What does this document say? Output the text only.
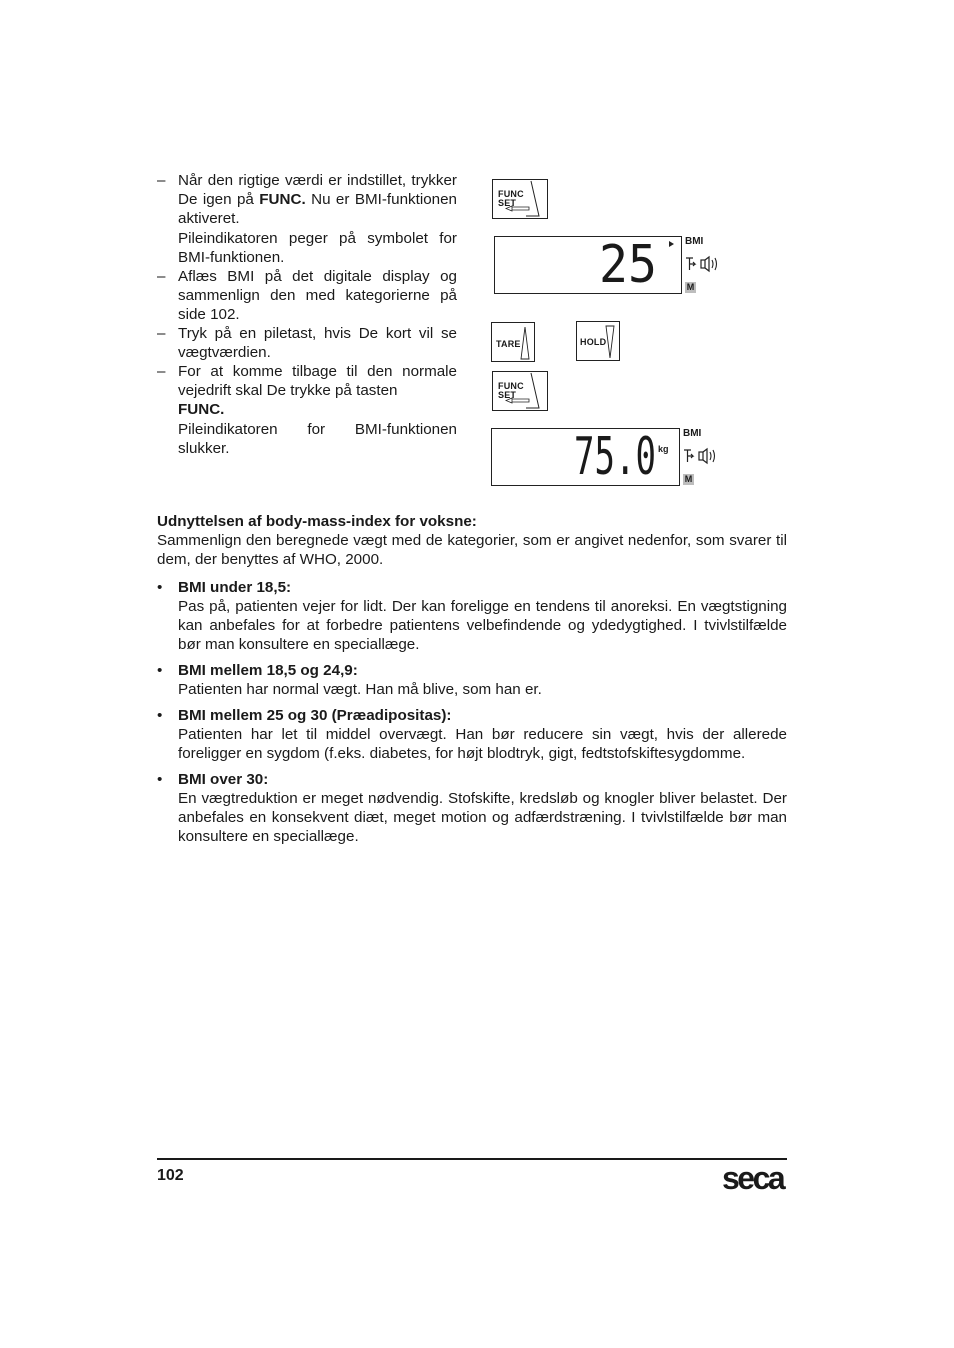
– Når den rigtige værdi er indstillet, trykker De igen på FUNC. Nu er BMI-funktionen aktiveret.

Pileindikatoren peger på symbolet for BMI-funktionen.

– Aflæs BMI på det digitale display og sammenlign den med kategorierne på side 102.

– Tryk på en piletast, hvis De kort vil se vægtværdien.

– For at komme tilbage til den normale vejedrift skal De trykke på tasten

FUNC.

Pileindikatoren for BMI-funktionen slukker.

FUNC
SET
25	BMI
M
TARE	HOLD
FUNC
SET
75.0 kg
BMI
M
Udnyttelsen af body-mass-index for voksne:

Sammenlign den beregnede vægt med de kategorier, som er angivet nedenfor, som svarer til dem, der benyttes af WHO, 2000.

• BMI under 18,5:
Pas på, patienten vejer for lidt. Der kan foreligge en tendens til anoreksi. En vægtstigning kan anbefales for at forbedre patientens velbefindende og ydedygtighed. I tvivlstilfælde bør man konsultere en speciallæge.
• BMI mellem 18,5 og 24,9:
Patienten har normal vægt. Han må blive, som han er.
• BMI mellem 25 og 30 (Præadipositas):
Patienten har let til middel overvægt. Han bør reducere sin vægt, hvis der allerede foreligger en sygdom (f.eks. diabetes, for højt blodtryk, gigt, fedtstofskiftesygdomme.
• BMI over 30:
En vægtreduktion er meget nødvendig. Stofskifte, kredsløb og knogler bliver belastet. Der anbefales en konsekvent diæt, meget motion og adfærdstræning. I tvivlstilfælde bør man konsultere en speciallæge.
102	seca
